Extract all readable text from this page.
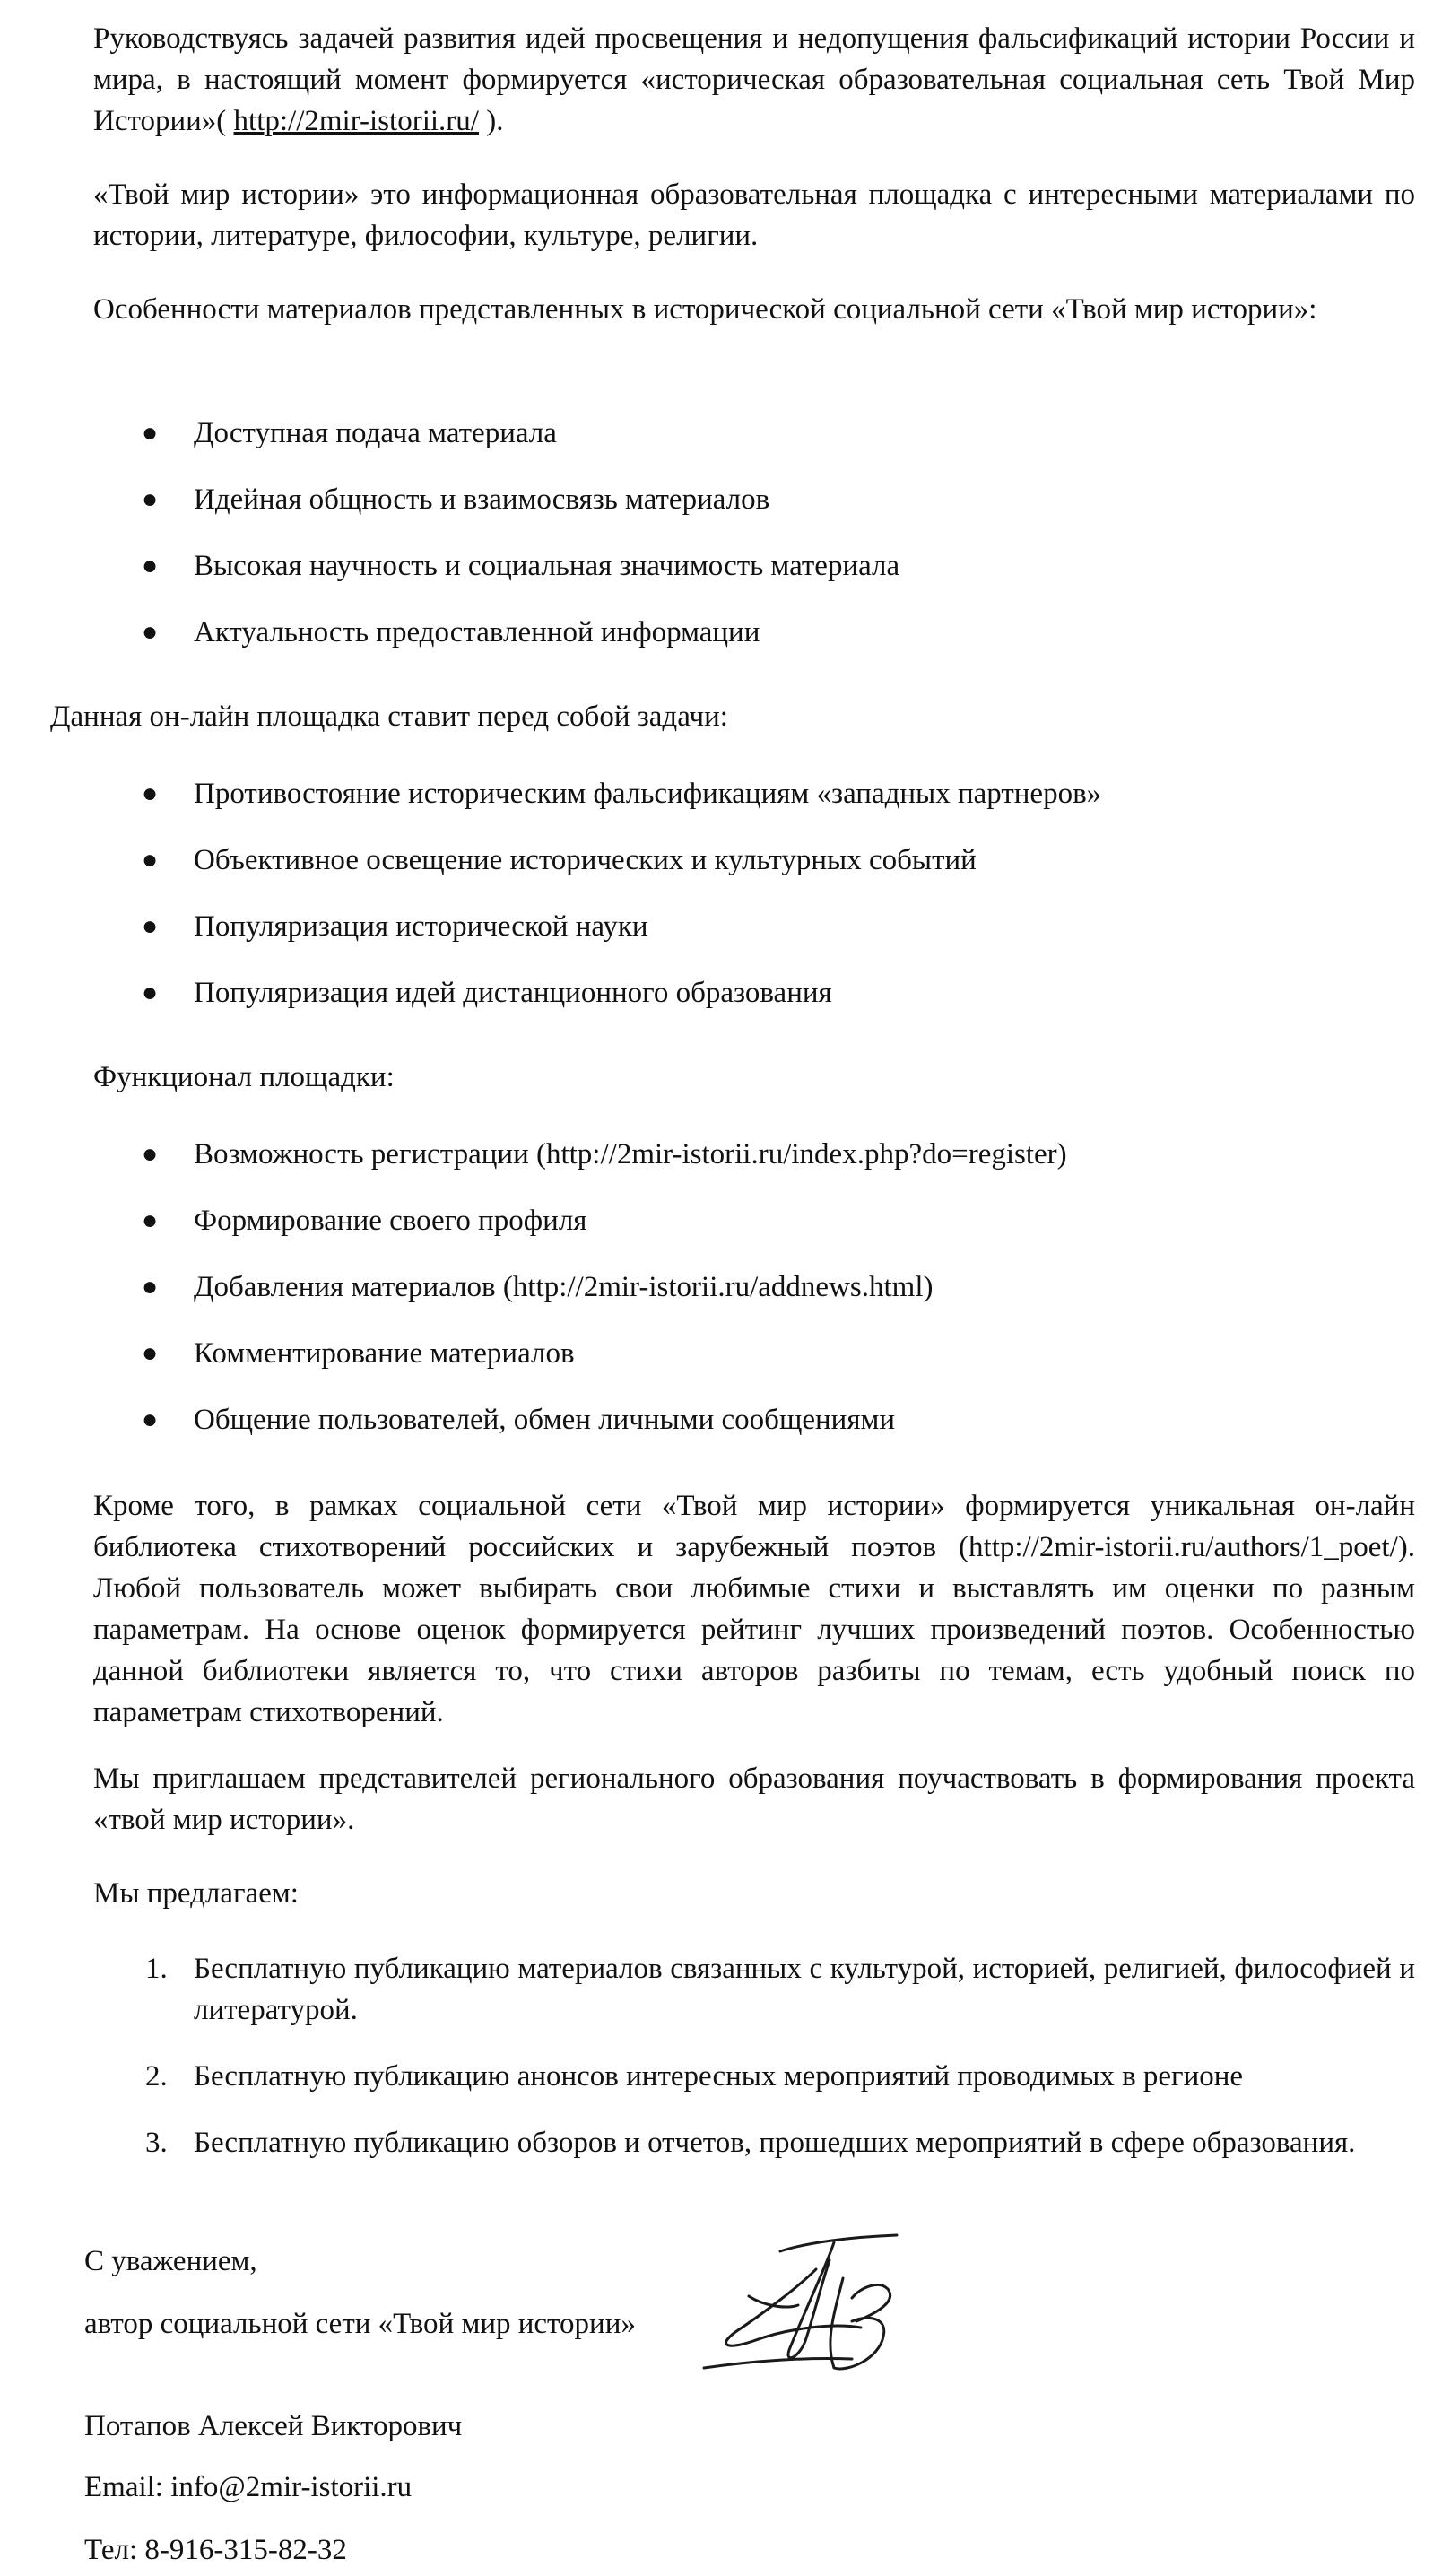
Руководствуясь задачей развития идей просвещения и недопущения фальсификаций истории России и мира, в настоящий момент формируется «историческая образовательная социальная сеть Твой Мир Истории»( http://2mir-istorii.ru/ ).

«Твой мир истории» это информационная образовательная площадка с интересными материалами по истории, литературе, философии, культуре, религии.

Особенности материалов представленных в исторической социальной сети «Твой мир истории»:

● Доступная подача материала
● Идейная общность и взаимосвязь материалов
● Высокая научность и социальная значимость материала
● Актуальность предоставленной информации

Данная он-лайн площадка ставит перед собой задачи:

● Противостояние историческим фальсификациям «западных партнеров»
● Объективное освещение исторических и культурных событий
● Популяризация исторической науки
● Популяризация идей дистанционного образования

Функционал площадки:

● Возможность регистрации (http://2mir-istorii.ru/index.php?do=register)
● Формирование своего профиля
● Добавления материалов (http://2mir-istorii.ru/addnews.html)
● Комментирование материалов
● Общение пользователей, обмен личными сообщениями

Кроме того, в рамках социальной сети «Твой мир истории» формируется уникальная он-лайн библиотека стихотворений российских и зарубежный поэтов (http://2mir-istorii.ru/authors/1_poet/). Любой пользователь может выбирать свои любимые стихи и выставлять им оценки по разным параметрам. На основе оценок формируется рейтинг лучших произведений поэтов. Особенностью данной библиотеки является то, что стихи авторов разбиты по темам, есть удобный поиск по параметрам стихотворений.

Мы приглашаем представителей регионального образования поучаствовать в формирования проекта «твой мир истории».

Мы предлагаем:

1. Бесплатную публикацию материалов связанных с культурой, историей, религией, философией и литературой.
2. Бесплатную публикацию анонсов интересных мероприятий проводимых в регионе
3. Бесплатную публикацию обзоров и отчетов, прошедших мероприятий в сфере образования.

С уважением,

автор социальной сети «Твой мир истории»

Потапов Алексей Викторович

Email: info@2mir-istorii.ru

Тел: 8-916-315-82-32
